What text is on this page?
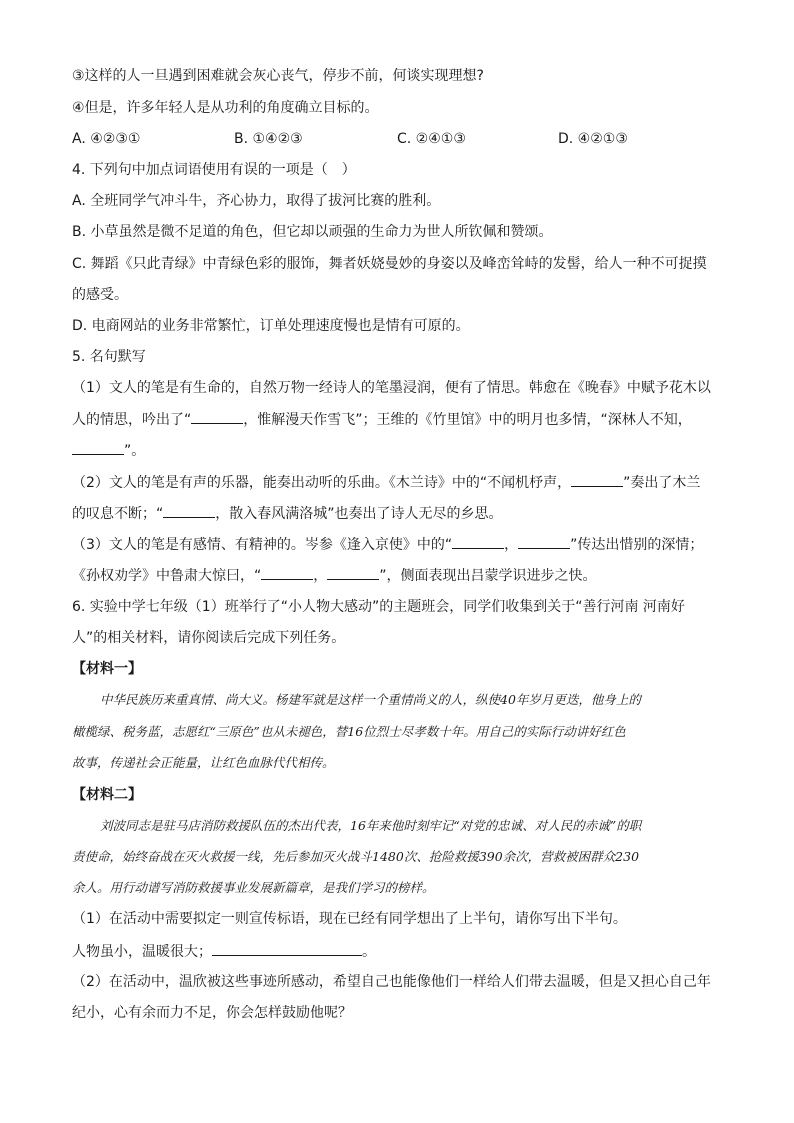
③这样的人一旦遇到困难就会灰心丧气，停步不前，何谈实现理想?
④但是，许多年轻人是从功利的角度确立目标的。
A. ④②③①	B. ①④②③	C. ②④①③	D. ④②①③
4. 下列句中加点词语使用有误的一项是（　）
A. 全班同学气冲斗牛，齐心协力，取得了拔河比赛的胜利。
B. 小草虽然是微不足道的角色，但它却以顽强的生命力为世人所钦佩和赞颂。
C. 舞蹈《只此青绿》中青绿色彩的服饰，舞者妖娆曼妙的身姿以及峰峦耸峙的发髻，给人一种不可捉摸
的感受。
D. 电商网站的业务非常繁忙，订单处理速度慢也是情有可原的。
5. 名句默写
（1）文人的笔是有生命的，自然万物一经诗人的笔墨浸润，便有了情思。韩愈在《晚春》中赋予花木以
人的情思，吟出了“	，惟解漫天作雪飞”；王维的《竹里馆》中的明月也多情，“深林人不知，
”。
（2）文人的笔是有声的乐器，能奏出动听的乐曲。《木兰诗》中的“不闻机杼声，	”奏出了木兰
的叹息不断；“	，散入春风满洛城”也奏出了诗人无尽的乡思。
（3）文人的笔是有感情、有精神的。岑参《逢入京使》中的“	，	”传达出惜别的深情；
《孙权劝学》中鲁肃大惊曰，“	，	”，侧面表现出吕蒙学识进步之快。
6. 实验中学七年级（1）班举行了“小人物大感动”的主题班会，同学们收集到关于“善行河南 河南好
人”的相关材料，请你阅读后完成下列任务。
【材料一】
中华民族历来重真情、尚大义。杨建军就是这样一个重情尚义的人，纵使40年岁月更迭，他身上的
橄榄绿、税务蓝，志愿红“三原色”也从未褪色，替16位烈士尽孝数十年。用自己的实际行动讲好红色
故事，传递社会正能量，让红色血脉代代相传。
【材料二】
刘波同志是驻马店消防救援队伍的杰出代表，16年来他时刻牢记“对党的忠诚、对人民的赤诚”的职
责使命，始终奋战在灭火救援一线，先后参加灭火战斗1480次、抢险救援390余次，营救被困群众230
余人。用行动谱写消防救援事业发展新篇章，是我们学习的榜样。
（1）在活动中需要拟定一则宣传标语，现在已经有同学想出了上半句，请你写出下半句。
人物虽小，温暖很大；	。
（2）在活动中，温欣被这些事迹所感动，希望自己也能像他们一样给人们带去温暖，但是又担心自己年
纪小，心有余而力不足，你会怎样鼓励他呢？
